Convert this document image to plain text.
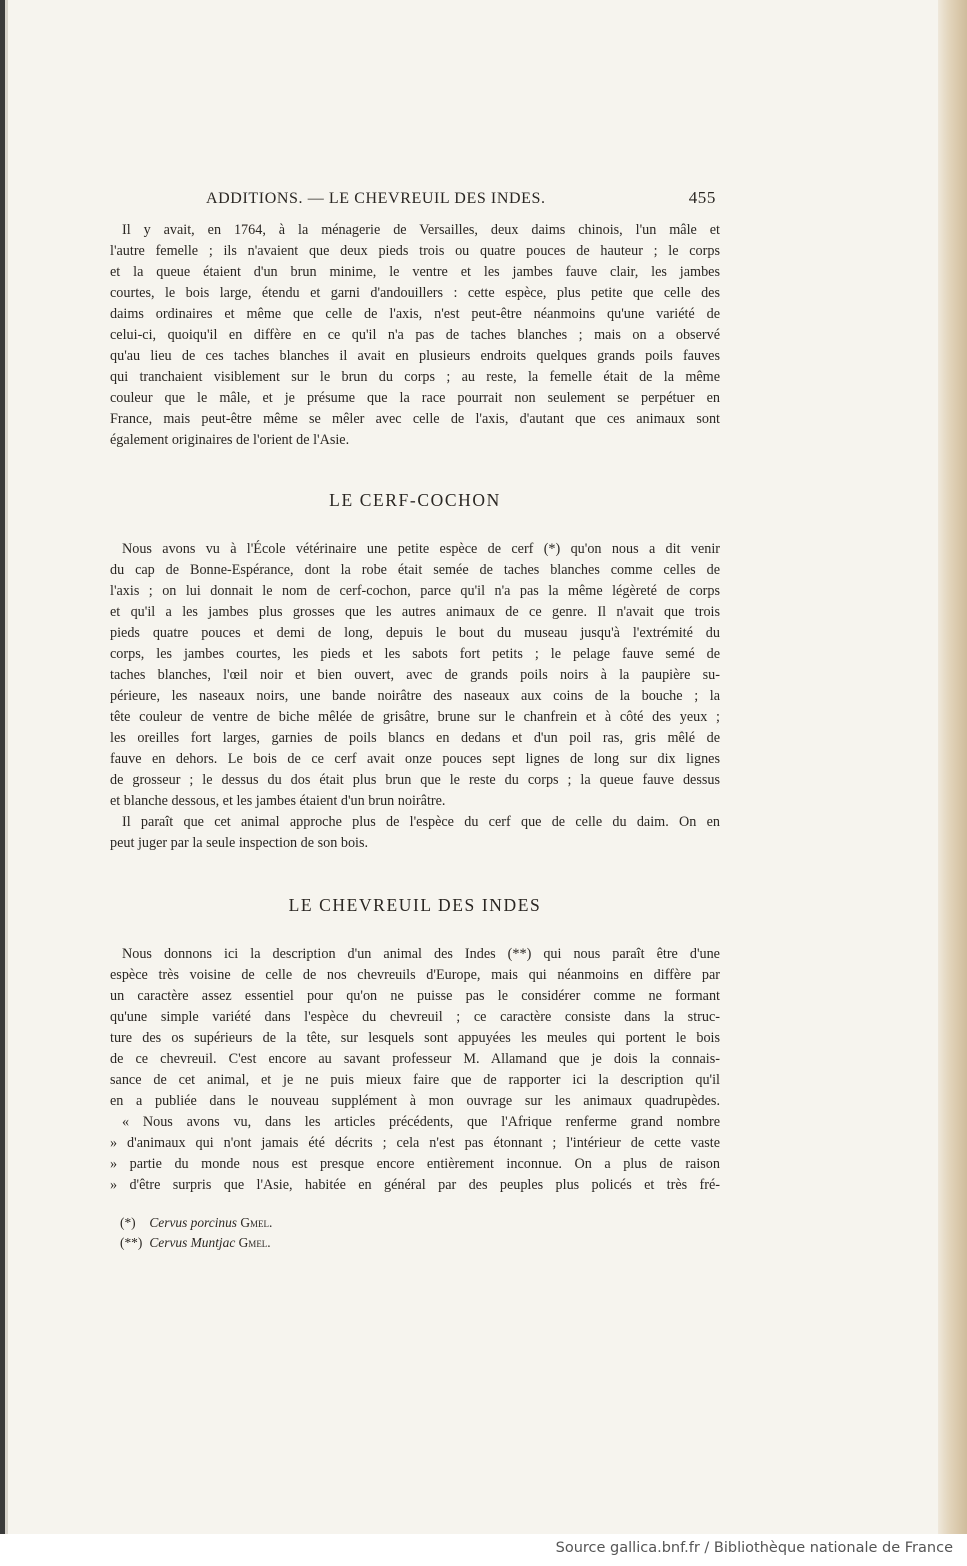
ADDITIONS. — LE CHEVREUIL DES INDES.	455
Il y avait, en 1764, à la ménagerie de Versailles, deux daims chinois, l'un mâle et
l'autre femelle ; ils n'avaient que deux pieds trois ou quatre pouces de hauteur ; le corps
et la queue étaient d'un brun minime, le ventre et les jambes fauve clair, les jambes
courtes, le bois large, étendu et garni d'andouillers : cette espèce, plus petite que celle des
daims ordinaires et même que celle de l'axis, n'est peut-être néanmoins qu'une variété de
celui-ci, quoiqu'il en diffère en ce qu'il n'a pas de taches blanches ; mais on a observé
qu'au lieu de ces taches blanches il avait en plusieurs endroits quelques grands poils fauves
qui tranchaient visiblement sur le brun du corps ; au reste, la femelle était de la même
couleur que le mâle, et je présume que la race pourrait non seulement se perpétuer en
France, mais peut-être même se mêler avec celle de l'axis, d'autant que ces animaux sont
également originaires de l'orient de l'Asie.
LE CERF-COCHON
Nous avons vu à l'École vétérinaire une petite espèce de cerf (*) qu'on nous a dit venir
du cap de Bonne-Espérance, dont la robe était semée de taches blanches comme celles de
l'axis ; on lui donnait le nom de cerf-cochon, parce qu'il n'a pas la même légèreté de corps
et qu'il a les jambes plus grosses que les autres animaux de ce genre. Il n'avait que trois
pieds quatre pouces et demi de long, depuis le bout du museau jusqu'à l'extrémité du
corps, les jambes courtes, les pieds et les sabots fort petits ; le pelage fauve semé de
taches blanches, l'œil noir et bien ouvert, avec de grands poils noirs à la paupière su-
périeure, les naseaux noirs, une bande noirâtre des naseaux aux coins de la bouche ; la
tête couleur de ventre de biche mêlée de grisâtre, brune sur le chanfrein et à côté des yeux ;
les oreilles fort larges, garnies de poils blancs en dedans et d'un poil ras, gris mêlé de
fauve en dehors. Le bois de ce cerf avait onze pouces sept lignes de long sur dix lignes
de grosseur ; le dessus du dos était plus brun que le reste du corps ; la queue fauve dessus
et blanche dessous, et les jambes étaient d'un brun noirâtre.
Il paraît que cet animal approche plus de l'espèce du cerf que de celle du daim. On en
peut juger par la seule inspection de son bois.
LE CHEVREUIL DES INDES
Nous donnons ici la description d'un animal des Indes (**) qui nous paraît être d'une
espèce très voisine de celle de nos chevreuils d'Europe, mais qui néanmoins en diffère par
un caractère assez essentiel pour qu'on ne puisse pas le considérer comme ne formant
qu'une simple variété dans l'espèce du chevreuil ; ce caractère consiste dans la struc-
ture des os supérieurs de la tête, sur lesquels sont appuyées les meules qui portent le bois
de ce chevreuil. C'est encore au savant professeur M. Allamand que je dois la connais-
sance de cet animal, et je ne puis mieux faire que de rapporter ici la description qu'il
en a publiée dans le nouveau supplément à mon ouvrage sur les animaux quadrupèdes.
« Nous avons vu, dans les articles précédents, que l'Afrique renferme grand nombre
» d'animaux qui n'ont jamais été décrits ; cela n'est pas étonnant ; l'intérieur de cette vaste
» partie du monde nous est presque encore entièrement inconnue. On a plus de raison
» d'être surpris que l'Asie, habitée en général par des peuples plus policés et très fré-
(*) Cervus porcinus Gmel.
(**) Cervus Muntjac Gmel.
Source gallica.bnf.fr / Bibliothèque nationale de France
